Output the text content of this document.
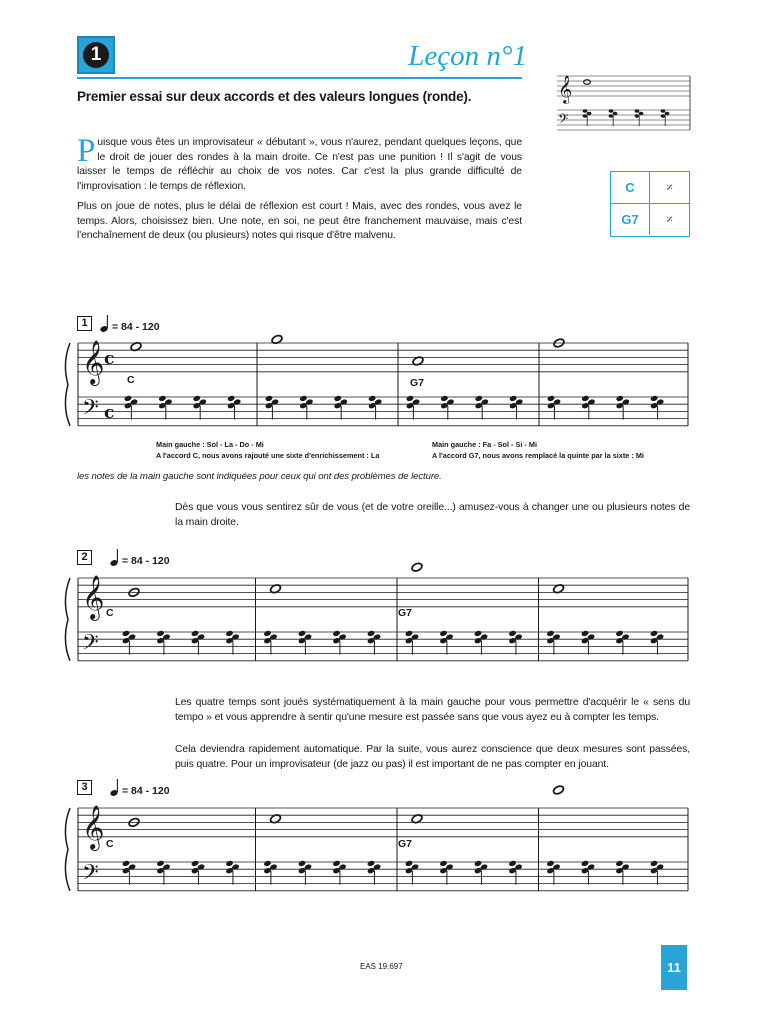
1	Leçon n°1
Premier essai sur deux accords et des valeurs longues (ronde).	𝄞
𝄢
Puisque vous êtes un improvisateur « débutant », vous n'aurez, pendant quelques leçons, que le droit de jouer des rondes à la main droite. Ce n'est pas une punition ! Il s'agit de vous laisser le temps de réfléchir au choix de vos notes. Car c'est la plus grande difficulté de l'improvisation : le temps de réflexion.
Plus on joue de notes, plus le délai de réflexion est court ! Mais, avec des rondes, vous avez le temps. Alors, choisissez bien. Une note, en soi, ne peut être franchement mauvaise, mais c'est l'enchaînement de deux (ou plusieurs) notes qui risque d'être malvenu.
C	𝄎
G7	𝄎
1	= 84 - 120
𝄞
𝄢
c
c
C	G7
Main gauche : Sol - La - Do - Mi
A l'accord C, nous avons rajouté une sixte d'enrichissement : La
Main gauche : Fa - Sol - Si - Mi
A l'accord G7, nous avons remplacé la quinte par la sixte : Mi
les notes de la main gauche sont indiquées pour ceux qui ont des problèmes de lecture.
Dès que vous vous sentirez sûr de vous (et de votre oreille...) amusez-vous à changer une ou plusieurs notes de la main droite.
2	= 84 - 120
𝄞
𝄢
C	G7
Les quatre temps sont joués systématiquement à la main gauche pour vous permettre d'acquérir le « sens du tempo » et vous apprendre à sentir qu'une mesure est passée sans que vous ayez eu à compter les temps.
Cela deviendra rapidement automatique. Par la suite, vous aurez conscience que deux mesures sont passées, puis quatre. Pour un improvisateur (de jazz ou pas) il est important de ne pas compter en jouant.
3	= 84 - 120
𝄞
𝄢
C	G7
EAS 19.697	11
